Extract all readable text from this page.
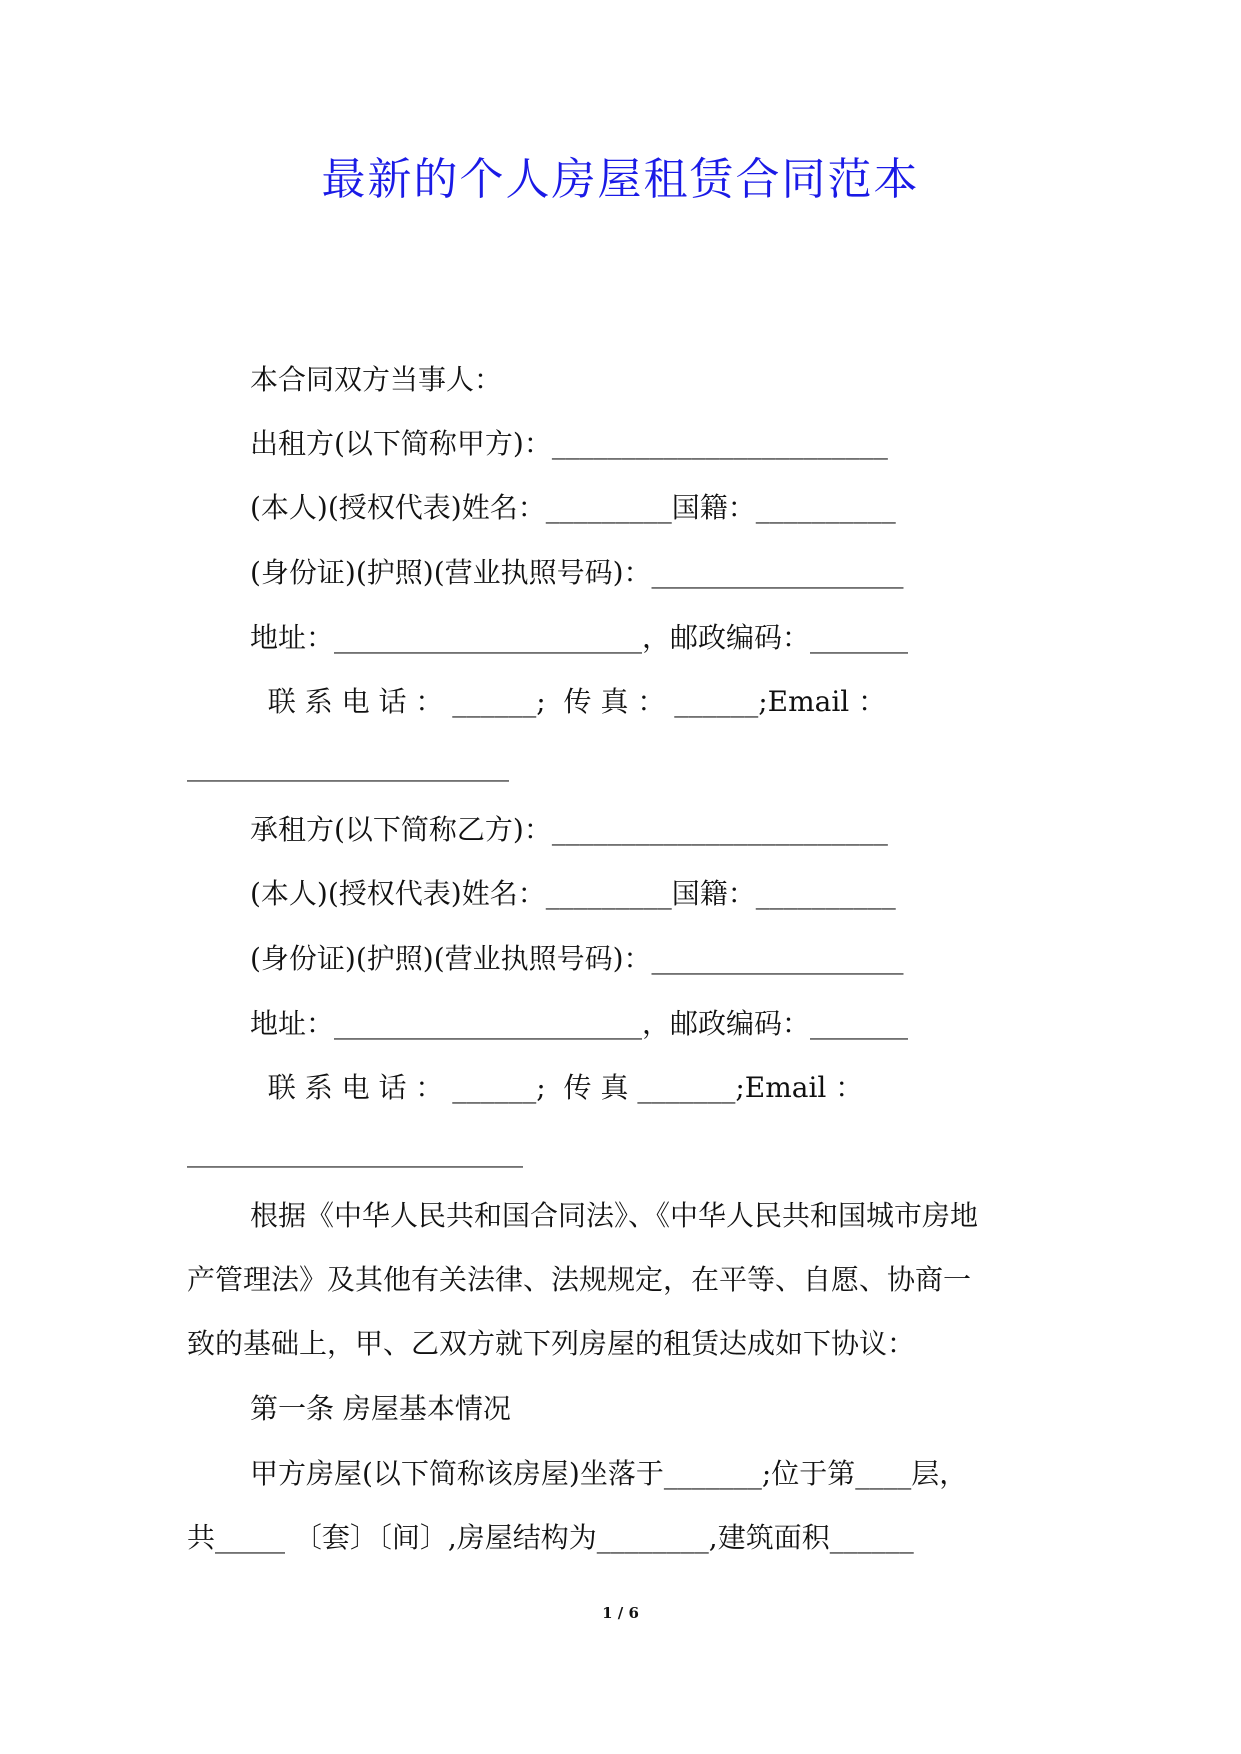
最新的个人房屋租赁合同范本
本合同双方当事人：
出租方(以下简称甲方)：________________________
(本人)(授权代表)姓名：_________国籍：__________
(身份证)(护照)(营业执照号码)：__________________
地址：______________________，邮政编码：_______
联 系 电 话 ： ______;  传 真 ： ______;Email ：
_______________________
承租方(以下简称乙方)：________________________
(本人)(授权代表)姓名：_________国籍：__________
(身份证)(护照)(营业执照号码)：__________________
地址：______________________，邮政编码：_______
联 系 电 话 ： ______;  传 真 _______;Email ：
________________________
根据《中华人民共和国合同法》、《中华人民共和国城市房地
产管理法》及其他有关法律、法规规定，在平等、自愿、协商一
致的基础上，甲、乙双方就下列房屋的租赁达成如下协议：
第一条 房屋基本情况
甲方房屋(以下简称该房屋)坐落于_______;位于第____层，
共_____ 〔套〕〔间〕,房屋结构为________,建筑面积______
1 / 6
